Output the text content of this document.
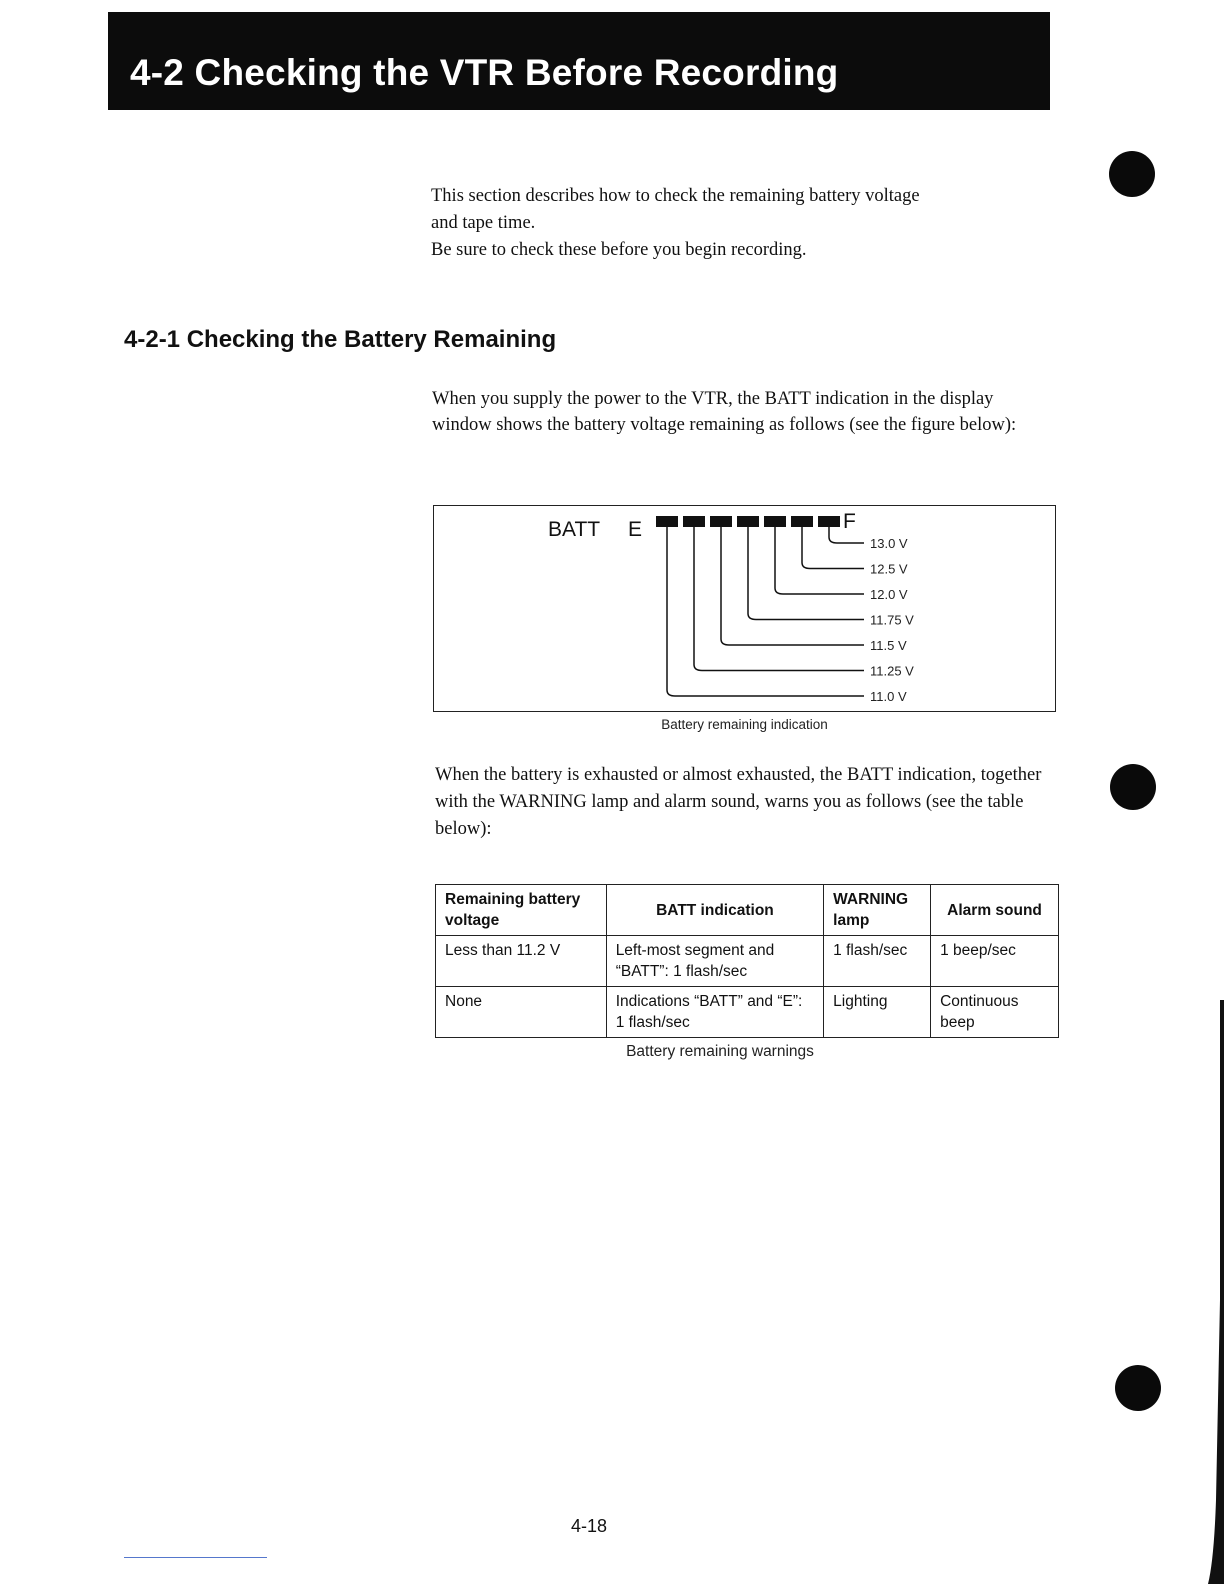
4-2 Checking the VTR Before Recording

This section describes how to check the remaining battery voltage

and tape time.

Be sure to check these before you begin recording.

4-2-1 Checking the Battery Remaining

When you supply the power to the VTR, the BATT indication in the display window shows the battery voltage remaining as follows (see the figure below):

BATT E	F
13.0 V
12.5 V
12.0 V
11.75 V
11.5 V
11.25 V
11.0 V
Battery remaining indication

When the battery is exhausted or almost exhausted, the BATT indication, together with the WARNING lamp and alarm sound, warns you as follows (see the table below):

Remaining battery voltage	BATT indication	WARNING lamp	Alarm sound
Less than 11.2 V	Left-most segment and “BATT”: 1 flash/sec	1 flash/sec	1 beep/sec
None	Indications “BATT” and “E”: 1 flash/sec	Lighting	Continuous beep
Battery remaining warnings
4-18
